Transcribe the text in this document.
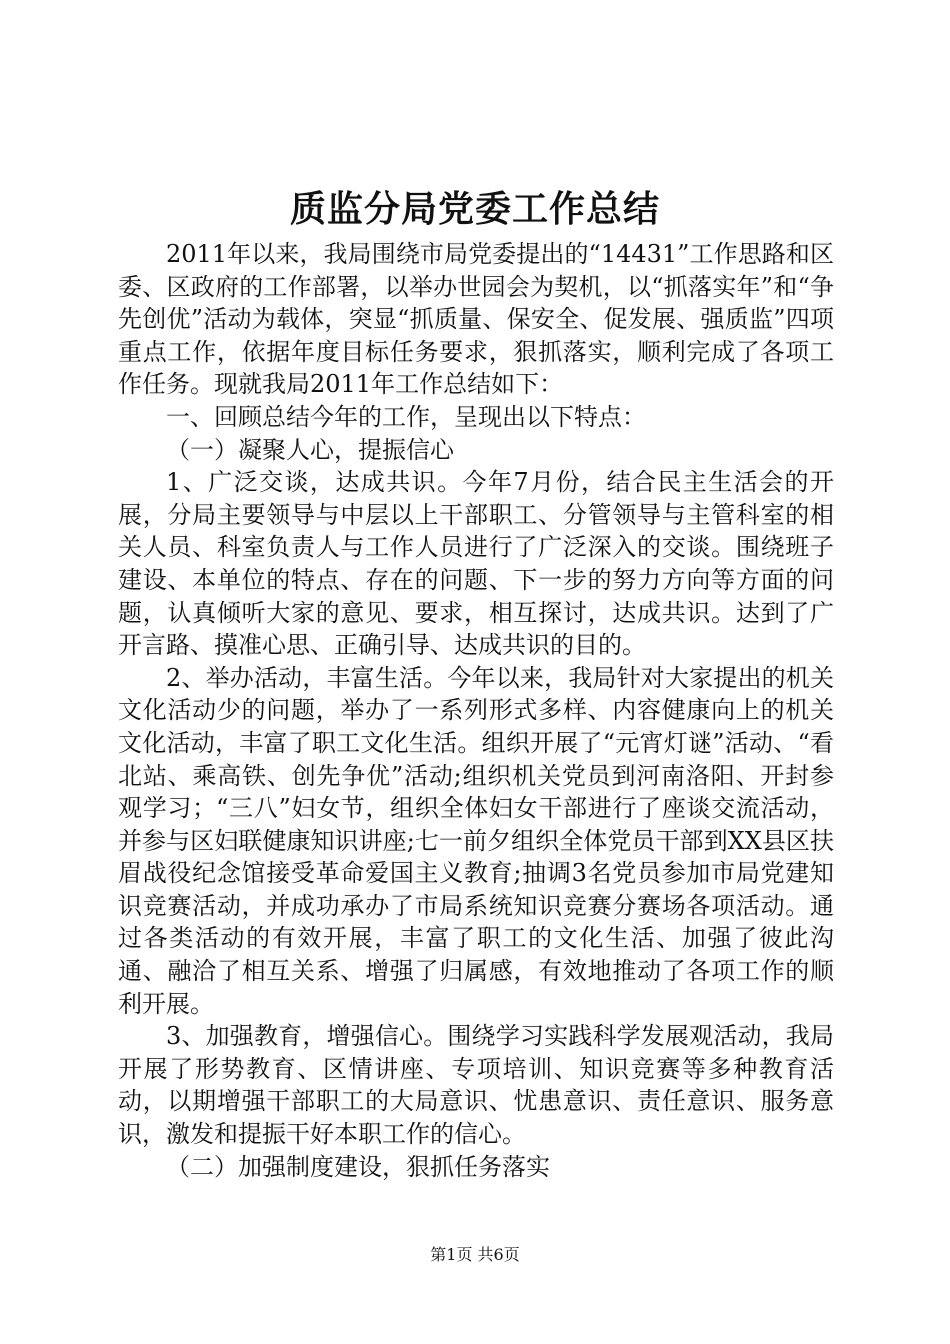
质监分局党委工作总结

2011年以来，我局围绕市局党委提出的“14431”工作思路和区委、区政府的工作部署，以举办世园会为契机，以“抓落实年”和“争先创优”活动为载体，突显“抓质量、保安全、促发展、强质监”四项重点工作，依据年度目标任务要求，狠抓落实，顺利完成了各项工作任务。现就我局2011年工作总结如下：

一、回顾总结今年的工作，呈现出以下特点：

（一）凝聚人心，提振信心

1、广泛交谈，达成共识。今年7月份，结合民主生活会的开展，分局主要领导与中层以上干部职工、分管领导与主管科室的相关人员、科室负责人与工作人员进行了广泛深入的交谈。围绕班子建设、本单位的特点、存在的问题、下一步的努力方向等方面的问题，认真倾听大家的意见、要求，相互探讨，达成共识。达到了广开言路、摸准心思、正确引导、达成共识的目的。

2、举办活动，丰富生活。今年以来，我局针对大家提出的机关文化活动少的问题，举办了一系列形式多样、内容健康向上的机关文化活动，丰富了职工文化生活。组织开展了“元宵灯谜”活动、“看北站、乘高铁、创先争优”活动;组织机关党员到河南洛阳、开封参观学习；“三八”妇女节，组织全体妇女干部进行了座谈交流活动，并参与区妇联健康知识讲座;七一前夕组织全体党员干部到XX县区扶眉战役纪念馆接受革命爱国主义教育;抽调3名党员参加市局党建知识竞赛活动，并成功承办了市局系统知识竞赛分赛场各项活动。通过各类活动的有效开展，丰富了职工的文化生活、加强了彼此沟通、融洽了相互关系、增强了归属感，有效地推动了各项工作的顺利开展。

3、加强教育，增强信心。围绕学习实践科学发展观活动，我局开展了形势教育、区情讲座、专项培训、知识竞赛等多种教育活动，以期增强干部职工的大局意识、忧患意识、责任意识、服务意识，激发和提振干好本职工作的信心。

（二）加强制度建设，狠抓任务落实

第1页 共6页
